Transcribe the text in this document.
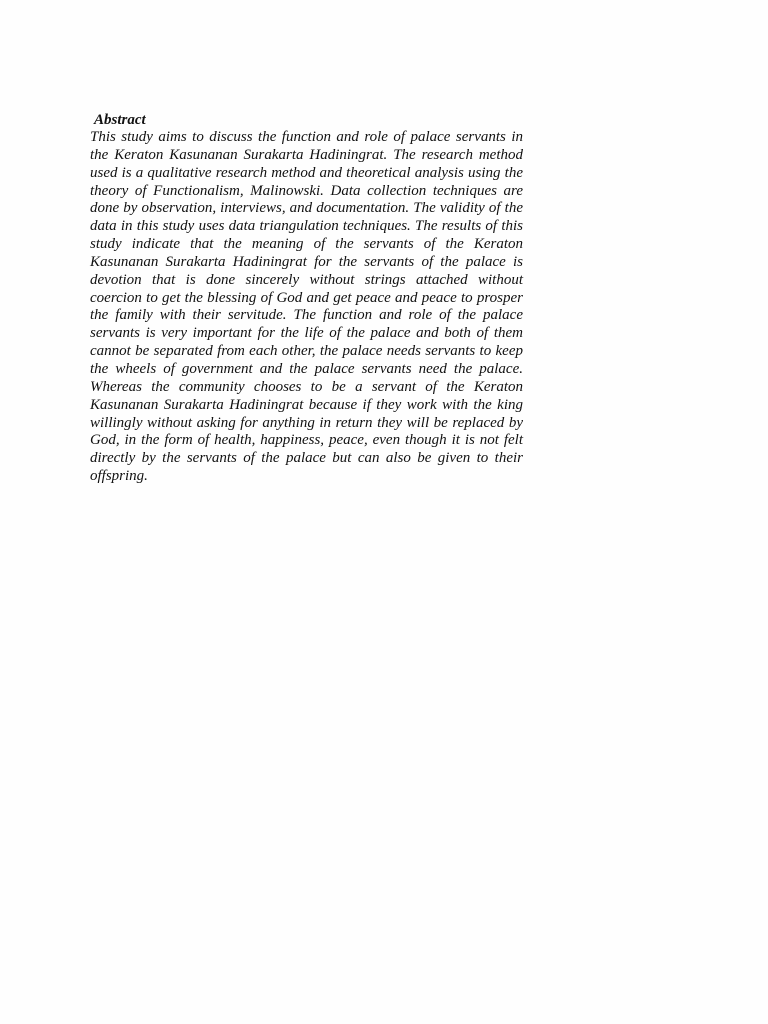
Abstract

This study aims to discuss the function and role of palace servants in the Keraton Kasunanan Surakarta Hadiningrat. The research method used is a qualitative research method and theoretical analysis using the theory of Functionalism, Malinowski. Data collection techniques are done by observation, interviews, and documentation. The validity of the data in this study uses data triangulation techniques. The results of this study indicate that the meaning of the servants of the Keraton Kasunanan Surakarta Hadiningrat for the servants of the palace is devotion that is done sincerely without strings attached without coercion to get the blessing of God and get peace and peace to prosper the family with their servitude. The function and role of the palace servants is very important for the life of the palace and both of them cannot be separated from each other, the palace needs servants to keep the wheels of government and the palace servants need the palace. Whereas the community chooses to be a servant of the Keraton Kasunanan Surakarta Hadiningrat because if they work with the king willingly without asking for anything in return they will be replaced by God, in the form of health, happiness, peace, even though it is not felt directly by the servants of the palace but can also be given to their offspring.
